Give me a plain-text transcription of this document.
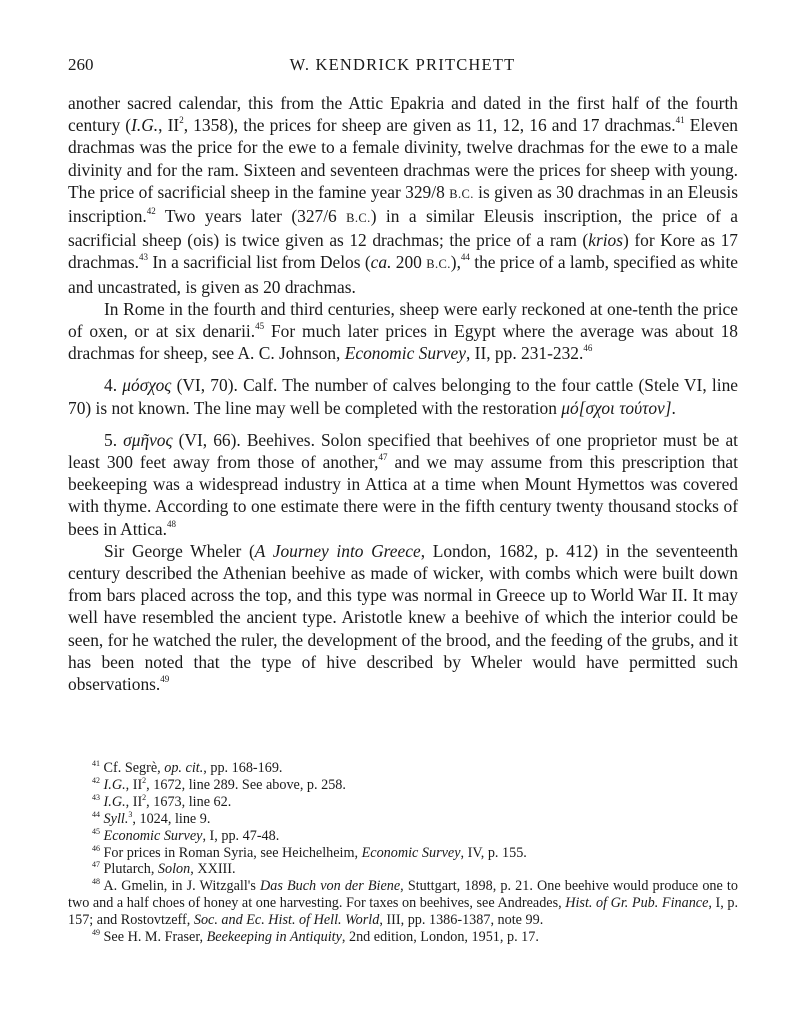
260	W. KENDRICK PRITCHETT

another sacred calendar, this from the Attic Epakria and dated in the first half of the fourth century (I.G., $II^2$, 1358), the prices for sheep are given as 11, 12, 16 and 17 drachmas.$^{41}$ Eleven drachmas was the price for the ewe to a female divinity, twelve drachmas for the ewe to a male divinity and for the ram. Sixteen and seventeen drachmas were the prices for sheep with young. The price of sacrificial sheep in the famine year 329/8 B.C. is given as 30 drachmas in an Eleusis inscription.$^{42}$ Two years later (327/6 B.C.) in a similar Eleusis inscription, the price of a sacrificial sheep (ois) is twice given as 12 drachmas; the price of a ram (krios) for Kore as 17 drachmas.$^{43}$ In a sacrificial list from Delos (ca. 200 B.C.),$^{44}$ the price of a lamb, specified as white and uncastrated, is given as 20 drachmas.

In Rome in the fourth and third centuries, sheep were early reckoned at one-tenth the price of oxen, or at six denarii.$^{45}$ For much later prices in Egypt where the average was about 18 drachmas for sheep, see A. C. Johnson, Economic Survey, II, pp. 231-232.46

4. μόσχος (VI, 70). Calf. The number of calves belonging to the four cattle (Stele VI, line 70) is not known. The line may well be completed with the restoration μό[σχοι τούτον].

5. σμῆνος (VI, 66). Beehives. Solon specified that beehives of one proprietor must be at least 300 feet away from those of another,$^{47}$ and we may assume from this prescription that beekeeping was a widespread industry in Attica at a time when Mount Hymettos was covered with thyme. According to one estimate there were in the fifth century twenty thousand stocks of bees in Attica.$^{48}$

Sir George Wheler (A Journey into Greece, London, 1682, p. 412) in the seventeenth century described the Athenian beehive as made of wicker, with combs which were built down from bars placed across the top, and this type was normal in Greece up to World War II. It may well have resembled the ancient type. Aristotle knew a beehive of which the interior could be seen, for he watched the ruler, the development of the brood, and the feeding of the grubs, and it has been noted that the type of hive described by Wheler would have permitted such observations.$^{49}$

$^{41}$ Cf. Segrè, op. cit., pp. 168-169.

$^{42}$ I.G., $II^2$, 1672, line 289. See above, p. 258.

$^{43}$ I.G., $II^2$, 1673, line 62.

$^{44}$ Syll.$^3$, 1024, line 9.

$^{45}$ Economic Survey, I, pp. 47-48.

$^{46}$ For prices in Roman Syria, see Heichelheim, Economic Survey, IV, p. 155.

$^{47}$ Plutarch, Solon, XXIII.

$^{48}$ A. Gmelin, in J. Witzgall's Das Buch von der Biene, Stuttgart, 1898, p. 21. One beehive would produce one to two and a half choes of honey at one harvesting. For taxes on beehives, see Andreades, Hist. of Gr. Pub. Finance, I, p. 157; and Rostovtzeff, Soc. and Ec. Hist. of Hell. World, III, pp. 1386-1387, note 99.

$^{49}$ See H. M. Fraser, Beekeeping in Antiquity, 2nd edition, London, 1951, p. 17.
